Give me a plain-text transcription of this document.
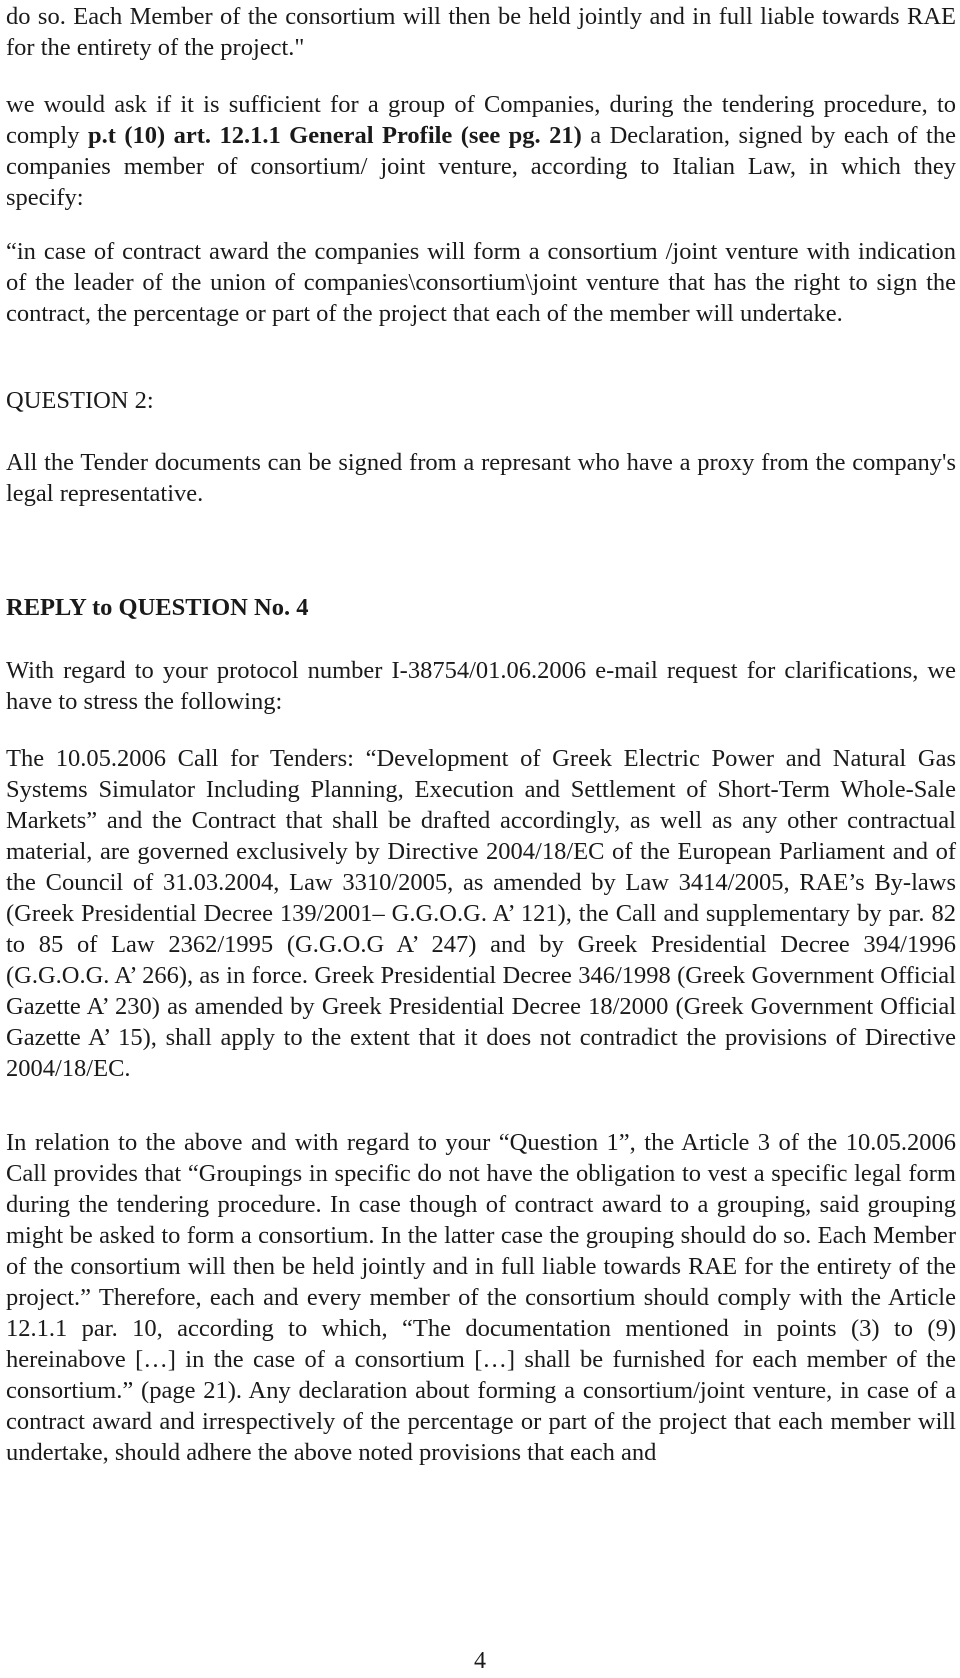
do so. Each Member of the consortium will then be held jointly and in full liable towards RAE for the entirety of the project."

we would ask if it is sufficient for a group of Companies, during the tendering procedure, to comply p.t (10) art. 12.1.1 General Profile (see pg. 21) a Declaration, signed by each of the companies member of consortium/ joint venture, according to Italian Law, in which they specify:

“in case of contract award the companies will form a consortium /joint venture with indication of the leader of the union of companies\consortium\joint venture that has the right to sign the contract, the percentage or part of the project that each of the member will undertake.

QUESTION 2:

All the Tender documents can be signed from a represant who have a proxy from the company's legal representative.

REPLY to QUESTION No. 4

With regard to your protocol number I-38754/01.06.2006 e-mail request for clarifications, we have to stress the following:

The 10.05.2006 Call for Tenders: “Development of Greek Electric Power and Natural Gas Systems Simulator Including Planning, Execution and Settlement of Short-Term Whole-Sale Markets” and the Contract that shall be drafted accordingly, as well as any other contractual material, are governed exclusively by Directive 2004/18/EC of the European Parliament and of the Council of 31.03.2004, Law 3310/2005, as amended by Law 3414/2005, RAE’s By-laws (Greek Presidential Decree 139/2001– G.G.O.G. A’ 121), the Call and supplementary by par. 82 to 85 of Law 2362/1995 (G.G.O.G A’ 247) and by Greek Presidential Decree 394/1996 (G.G.O.G. A’ 266), as in force. Greek Presidential Decree 346/1998 (Greek Government Official Gazette A’ 230) as amended by Greek Presidential Decree 18/2000 (Greek Government Official Gazette A’ 15), shall apply to the extent that it does not contradict the provisions of Directive 2004/18/EC.

In relation to the above and with regard to your “Question 1”, the Article 3 of the 10.05.2006 Call provides that “Groupings in specific do not have the obligation to vest a specific legal form during the tendering procedure. In case though of contract award to a grouping, said grouping might be asked to form a consortium. In the latter case the grouping should do so. Each Member of the consortium will then be held jointly and in full liable towards RAE for the entirety of the project.” Therefore, each and every member of the consortium should comply with the Article 12.1.1 par. 10, according to which, “The documentation mentioned in points (3) to (9) hereinabove […] in the case of a consortium […] shall be furnished for each member of the consortium.” (page 21). Any declaration about forming a consortium/joint venture, in case of a contract award and irrespectively of the percentage or part of the project that each member will undertake, should adhere the above noted provisions that each and

4
